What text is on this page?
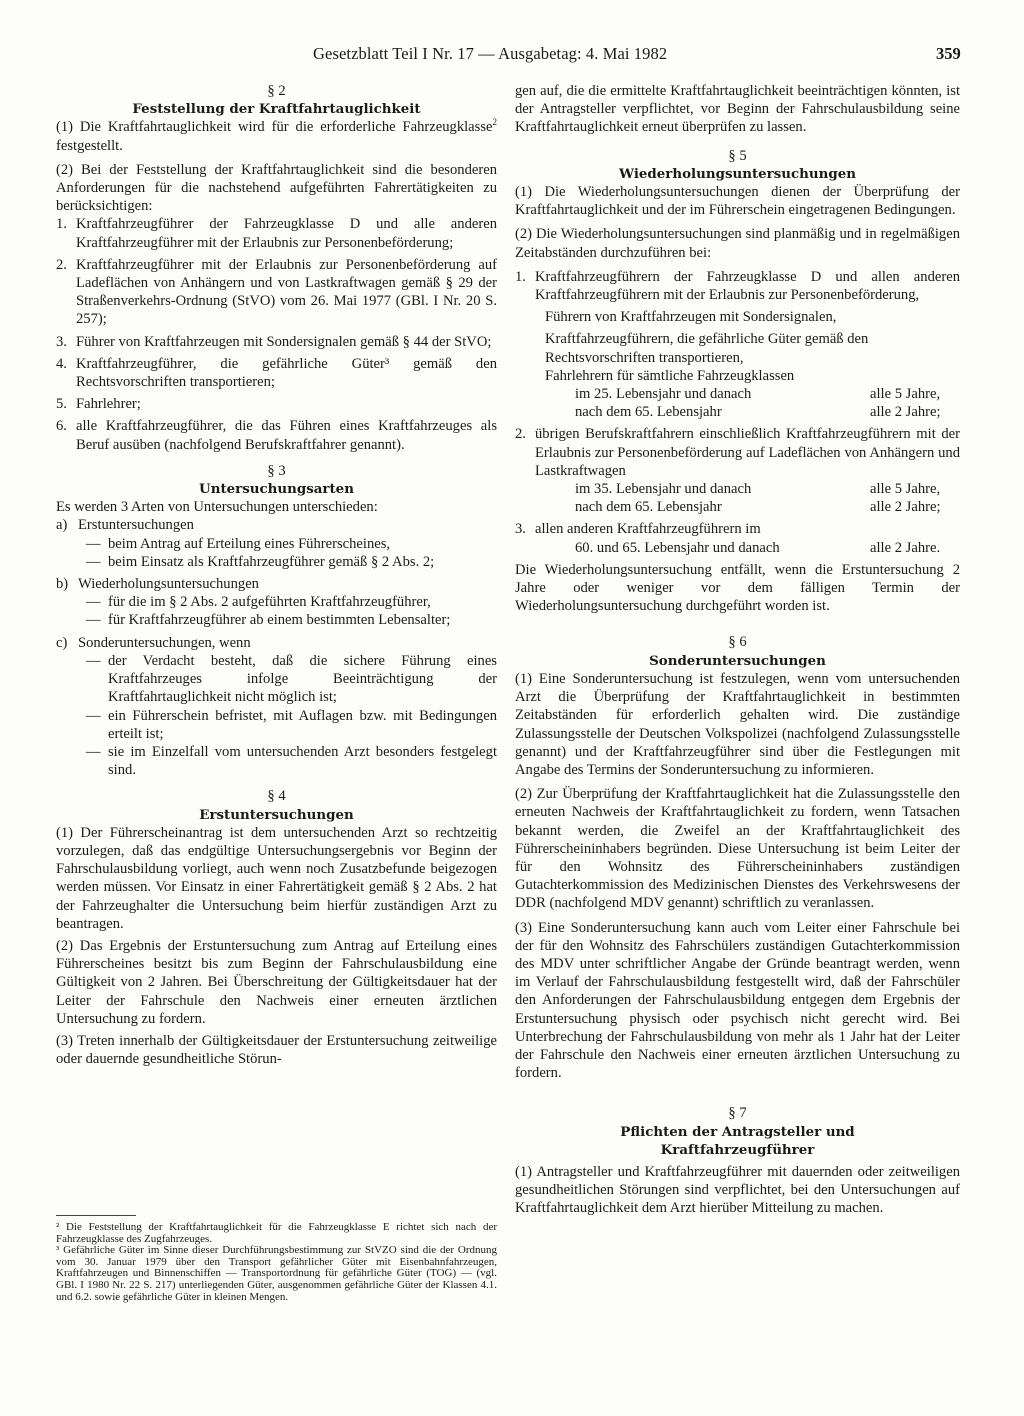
Gesetzblatt Teil I Nr. 17 — Ausgabetag: 4. Mai 1982	359

§ 2
Feststellung der Kraftfahrtauglichkeit

(1) Die Kraftfahrtauglichkeit wird für die erforderliche Fahrzeugklasse$^2$ festgestellt.

(2) Bei der Feststellung der Kraftfahrtauglichkeit sind die besonderen Anforderungen für die nachstehend aufgeführten Fahrertätigkeiten zu berücksichtigen:

1. Kraftfahrzeugführer der Fahrzeugklasse D und alle anderen Kraftfahrzeugführer mit der Erlaubnis zur Personenbeförderung;
2. Kraftfahrzeugführer mit der Erlaubnis zur Personenbeförderung auf Ladeflächen von Anhängern und von Lastkraftwagen gemäß § 29 der Straßenverkehrs-Ordnung (StVO) vom 26. Mai 1977 (GBl. I Nr. 20 S. 257);
3. Führer von Kraftfahrzeugen mit Sondersignalen gemäß § 44 der StVO;
4. Kraftfahrzeugführer, die gefährliche Güter³ gemäß den Rechtsvorschriften transportieren;
5. Fahrlehrer;
6. alle Kraftfahrzeugführer, die das Führen eines Kraftfahrzeuges als Beruf ausüben (nachfolgend Berufskraftfahrer genannt).

§ 3
Untersuchungsarten

Es werden 3 Arten von Untersuchungen unterschieden:

a) Erstuntersuchungen

— beim Antrag auf Erteilung eines Führerscheines,
— beim Einsatz als Kraftfahrzeugführer gemäß § 2 Abs. 2;

b) Wiederholungsuntersuchungen

— für die im § 2 Abs. 2 aufgeführten Kraftfahrzeugführer,
— für Kraftfahrzeugführer ab einem bestimmten Lebensalter;

c) Sonderuntersuchungen, wenn

— der Verdacht besteht, daß die sichere Führung eines Kraftfahrzeuges infolge Beeinträchtigung der Kraftfahrtauglichkeit nicht möglich ist;
— ein Führerschein befristet, mit Auflagen bzw. mit Bedingungen erteilt ist;
— sie im Einzelfall vom untersuchenden Arzt besonders festgelegt sind.

§ 4
Erstuntersuchungen

(1) Der Führerscheinantrag ist dem untersuchenden Arzt so rechtzeitig vorzulegen, daß das endgültige Untersuchungsergebnis vor Beginn der Fahrschulausbildung vorliegt, auch wenn noch Zusatzbefunde beigezogen werden müssen. Vor Einsatz in einer Fahrertätigkeit gemäß § 2 Abs. 2 hat der Fahrzeughalter die Untersuchung beim hierfür zuständigen Arzt zu beantragen.

(2) Das Ergebnis der Erstuntersuchung zum Antrag auf Erteilung eines Führerscheines besitzt bis zum Beginn der Fahrschulausbildung eine Gültigkeit von 2 Jahren. Bei Überschreitung der Gültigkeitsdauer hat der Leiter der Fahrschule den Nachweis einer erneuten ärztlichen Untersuchung zu fordern.

(3) Treten innerhalb der Gültigkeitsdauer der Erstuntersuchung zeitweilige oder dauernde gesundheitliche Störun-

² Die Feststellung der Kraftfahrtauglichkeit für die Fahrzeugklasse E richtet sich nach der Fahrzeugklasse des Zugfahrzeuges.

³ Gefährliche Güter im Sinne dieser Durchführungsbestimmung zur StVZO sind die der Ordnung vom 30. Januar 1979 über den Transport gefährlicher Güter mit Eisenbahnfahrzeugen, Kraftfahrzeugen und Binnenschiffen — Transportordnung für gefährliche Güter (TOG) — (vgl. GBl. I 1980 Nr. 22 S. 217) unterliegenden Güter, ausgenommen gefährliche Güter der Klassen 4.1. und 6.2. sowie gefährliche Güter in kleinen Mengen.

gen auf, die die ermittelte Kraftfahrtauglichkeit beeinträchtigen könnten, ist der Antragsteller verpflichtet, vor Beginn der Fahrschulausbildung seine Kraftfahrtauglichkeit erneut überprüfen zu lassen.

§ 5
Wiederholungsuntersuchungen

(1) Die Wiederholungsuntersuchungen dienen der Überprüfung der Kraftfahrtauglichkeit und der im Führerschein eingetragenen Bedingungen.

(2) Die Wiederholungsuntersuchungen sind planmäßig und in regelmäßigen Zeitabständen durchzuführen bei:

1. Kraftfahrzeugführern der Fahrzeugklasse D und allen anderen Kraftfahrzeugführern mit der Erlaubnis zur Personenbeförderung,

Führern von Kraftfahrzeugen mit Sondersignalen,

Kraftfahrzeugführern, die gefährliche Güter gemäß den Rechtsvorschriften transportieren,

Fahrlehrern für sämtliche Fahrzeugklassen

im 25. Lebensjahr und danach	alle 5 Jahre,
nach dem 65. Lebensjahr	alle 2 Jahre;
2. übrigen Berufskraftfahrern einschließlich Kraftfahrzeugführern mit der Erlaubnis zur Personenbeförderung auf Ladeflächen von Anhängern und Lastkraftwagen
im 35. Lebensjahr und danach	alle 5 Jahre,
nach dem 65. Lebensjahr	alle 2 Jahre;
3. allen anderen Kraftfahrzeugführern im
60. und 65. Lebensjahr und danach	alle 2 Jahre.

Die Wiederholungsuntersuchung entfällt, wenn die Erstuntersuchung 2 Jahre oder weniger vor dem fälligen Termin der Wiederholungsuntersuchung durchgeführt worden ist.

§ 6
Sonderuntersuchungen

(1) Eine Sonderuntersuchung ist festzulegen, wenn vom untersuchenden Arzt die Überprüfung der Kraftfahrtauglichkeit in bestimmten Zeitabständen für erforderlich gehalten wird. Die zuständige Zulassungsstelle der Deutschen Volkspolizei (nachfolgend Zulassungsstelle genannt) und der Kraftfahrzeugführer sind über die Festlegungen mit Angabe des Termins der Sonderuntersuchung zu informieren.

(2) Zur Überprüfung der Kraftfahrtauglichkeit hat die Zulassungsstelle den erneuten Nachweis der Kraftfahrtauglichkeit zu fordern, wenn Tatsachen bekannt werden, die Zweifel an der Kraftfahrtauglichkeit des Führerscheininhabers begründen. Diese Untersuchung ist beim Leiter der für den Wohnsitz des Führerscheininhabers zuständigen Gutachterkommission des Medizinischen Dienstes des Verkehrswesens der DDR (nachfolgend MDV genannt) schriftlich zu veranlassen.

(3) Eine Sonderuntersuchung kann auch vom Leiter einer Fahrschule bei der für den Wohnsitz des Fahrschülers zuständigen Gutachterkommission des MDV unter schriftlicher Angabe der Gründe beantragt werden, wenn im Verlauf der Fahrschulausbildung festgestellt wird, daß der Fahrschüler den Anforderungen der Fahrschulausbildung entgegen dem Ergebnis der Erstuntersuchung physisch oder psychisch nicht gerecht wird. Bei Unterbrechung der Fahrschulausbildung von mehr als 1 Jahr hat der Leiter der Fahrschule den Nachweis einer erneuten ärztlichen Untersuchung zu fordern.

§ 7
Pflichten der Antragsteller und
Kraftfahrzeugführer

(1) Antragsteller und Kraftfahrzeugführer mit dauernden oder zeitweiligen gesundheitlichen Störungen sind verpflichtet, bei den Untersuchungen auf Kraftfahrtauglichkeit dem Arzt hierüber Mitteilung zu machen.
